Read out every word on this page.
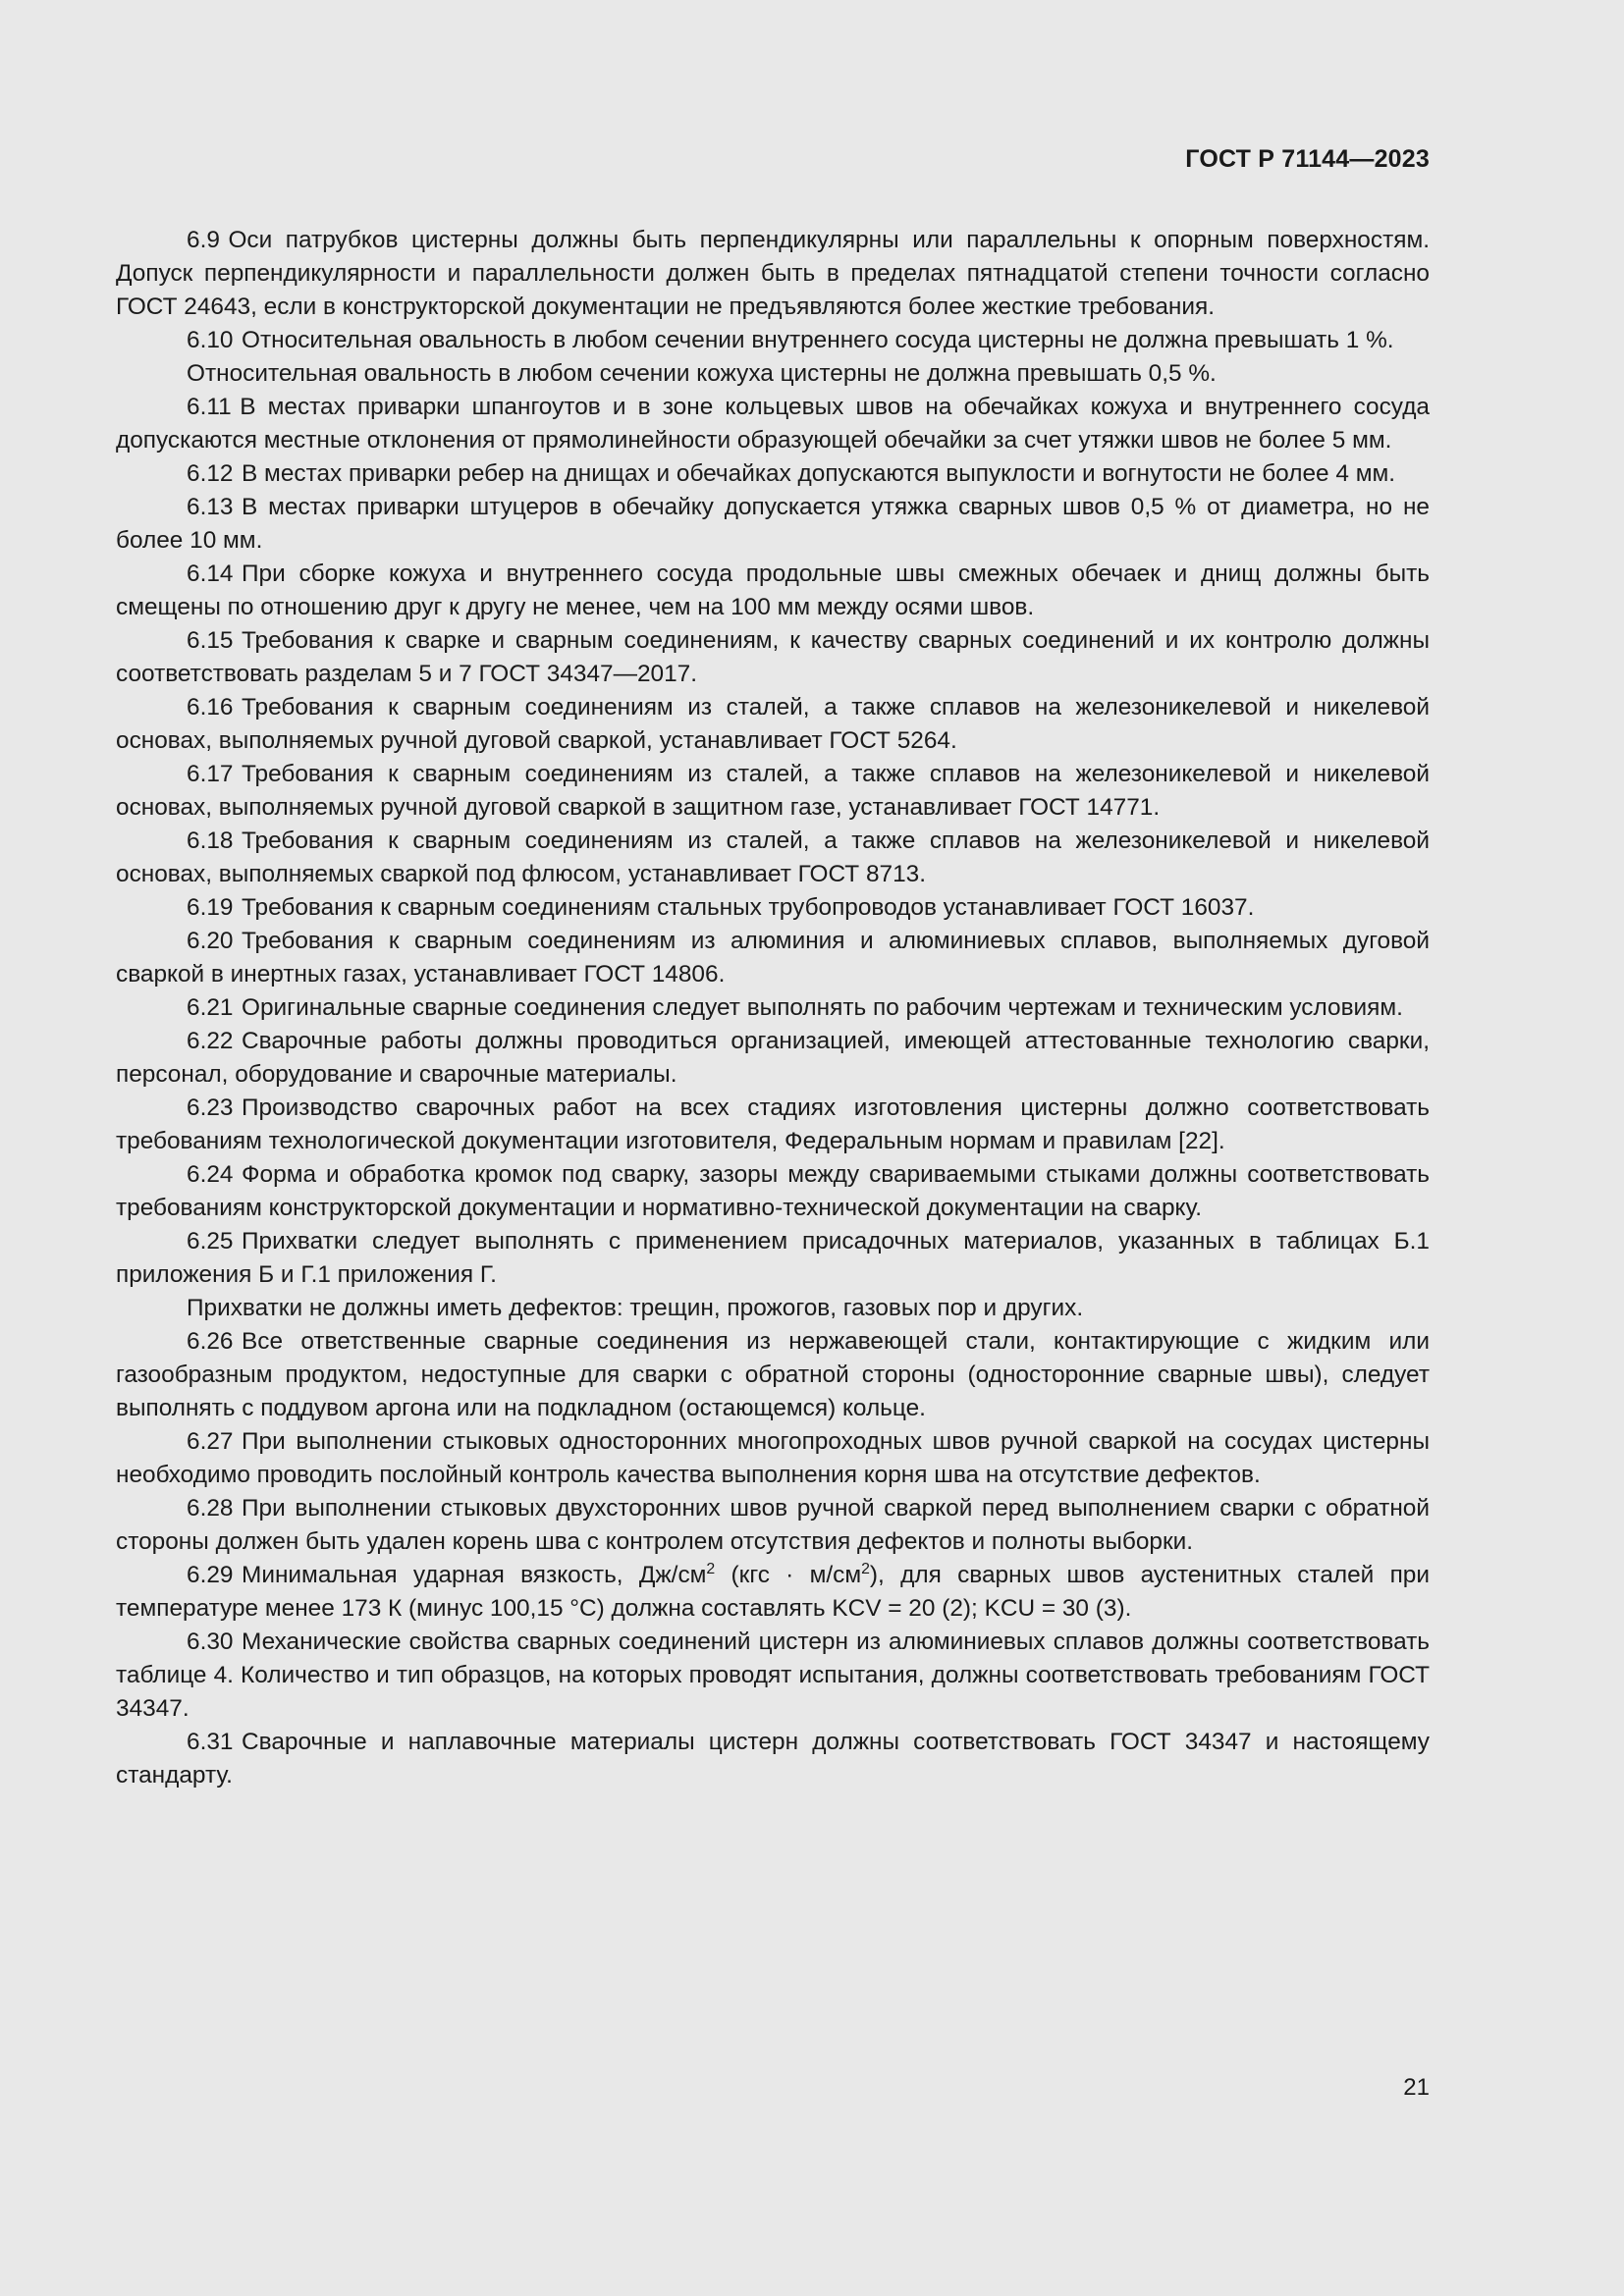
ГОСТ Р 71144—2023

6.9 Оси патрубков цистерны должны быть перпендикулярны или параллельны к опорным поверхностям. Допуск перпендикулярности и параллельности должен быть в пределах пятнадцатой степени точности согласно ГОСТ 24643, если в конструкторской документации не предъявляются более жесткие требования.

6.10 Относительная овальность в любом сечении внутреннего сосуда цистерны не должна превышать 1 %.

Относительная овальность в любом сечении кожуха цистерны не должна превышать 0,5 %.

6.11 В местах приварки шпангоутов и в зоне кольцевых швов на обечайках кожуха и внутреннего сосуда допускаются местные отклонения от прямолинейности образующей обечайки за счет утяжки швов не более 5 мм.

6.12 В местах приварки ребер на днищах и обечайках допускаются выпуклости и вогнутости не более 4 мм.

6.13 В местах приварки штуцеров в обечайку допускается утяжка сварных швов 0,5 % от диаметра, но не более 10 мм.

6.14 При сборке кожуха и внутреннего сосуда продольные швы смежных обечаек и днищ должны быть смещены по отношению друг к другу не менее, чем на 100 мм между осями швов.

6.15 Требования к сварке и сварным соединениям, к качеству сварных соединений и их контролю должны соответствовать разделам 5 и 7 ГОСТ 34347—2017.

6.16 Требования к сварным соединениям из сталей, а также сплавов на железоникелевой и никелевой основах, выполняемых ручной дуговой сваркой, устанавливает ГОСТ 5264.

6.17 Требования к сварным соединениям из сталей, а также сплавов на железоникелевой и никелевой основах, выполняемых ручной дуговой сваркой в защитном газе, устанавливает ГОСТ 14771.

6.18 Требования к сварным соединениям из сталей, а также сплавов на железоникелевой и никелевой основах, выполняемых сваркой под флюсом, устанавливает ГОСТ 8713.

6.19 Требования к сварным соединениям стальных трубопроводов устанавливает ГОСТ 16037.

6.20 Требования к сварным соединениям из алюминия и алюминиевых сплавов, выполняемых дуговой сваркой в инертных газах, устанавливает ГОСТ 14806.

6.21 Оригинальные сварные соединения следует выполнять по рабочим чертежам и техническим условиям.

6.22 Сварочные работы должны проводиться организацией, имеющей аттестованные технологию сварки, персонал, оборудование и сварочные материалы.

6.23 Производство сварочных работ на всех стадиях изготовления цистерны должно соответствовать требованиям технологической документации изготовителя, Федеральным нормам и правилам [22].

6.24 Форма и обработка кромок под сварку, зазоры между свариваемыми стыками должны соответствовать требованиям конструкторской документации и нормативно-технической документации на сварку.

6.25 Прихватки следует выполнять с применением присадочных материалов, указанных в таблицах Б.1 приложения Б и Г.1 приложения Г.

Прихватки не должны иметь дефектов: трещин, прожогов, газовых пор и других.

6.26 Все ответственные сварные соединения из нержавеющей стали, контактирующие с жидким или газообразным продуктом, недоступные для сварки с обратной стороны (односторонние сварные швы), следует выполнять с поддувом аргона или на подкладном (остающемся) кольце.

6.27 При выполнении стыковых односторонних многопроходных швов ручной сваркой на сосудах цистерны необходимо проводить послойный контроль качества выполнения корня шва на отсутствие дефектов.

6.28 При выполнении стыковых двухсторонних швов ручной сваркой перед выполнением сварки с обратной стороны должен быть удален корень шва с контролем отсутствия дефектов и полноты выборки.

6.29 Минимальная ударная вязкость, $Дж/см^2$ $(кгс \cdot м/см^2)$, для сварных швов аустенитных сталей при температуре менее 173 К (минус 100,15 °С) должна составлять KCV = 20 (2); KCU = 30 (3).

6.30 Механические свойства сварных соединений цистерн из алюминиевых сплавов должны соответствовать таблице 4. Количество и тип образцов, на которых проводят испытания, должны соответствовать требованиям ГОСТ 34347.

6.31 Сварочные и наплавочные материалы цистерн должны соответствовать ГОСТ 34347 и настоящему стандарту.

21
